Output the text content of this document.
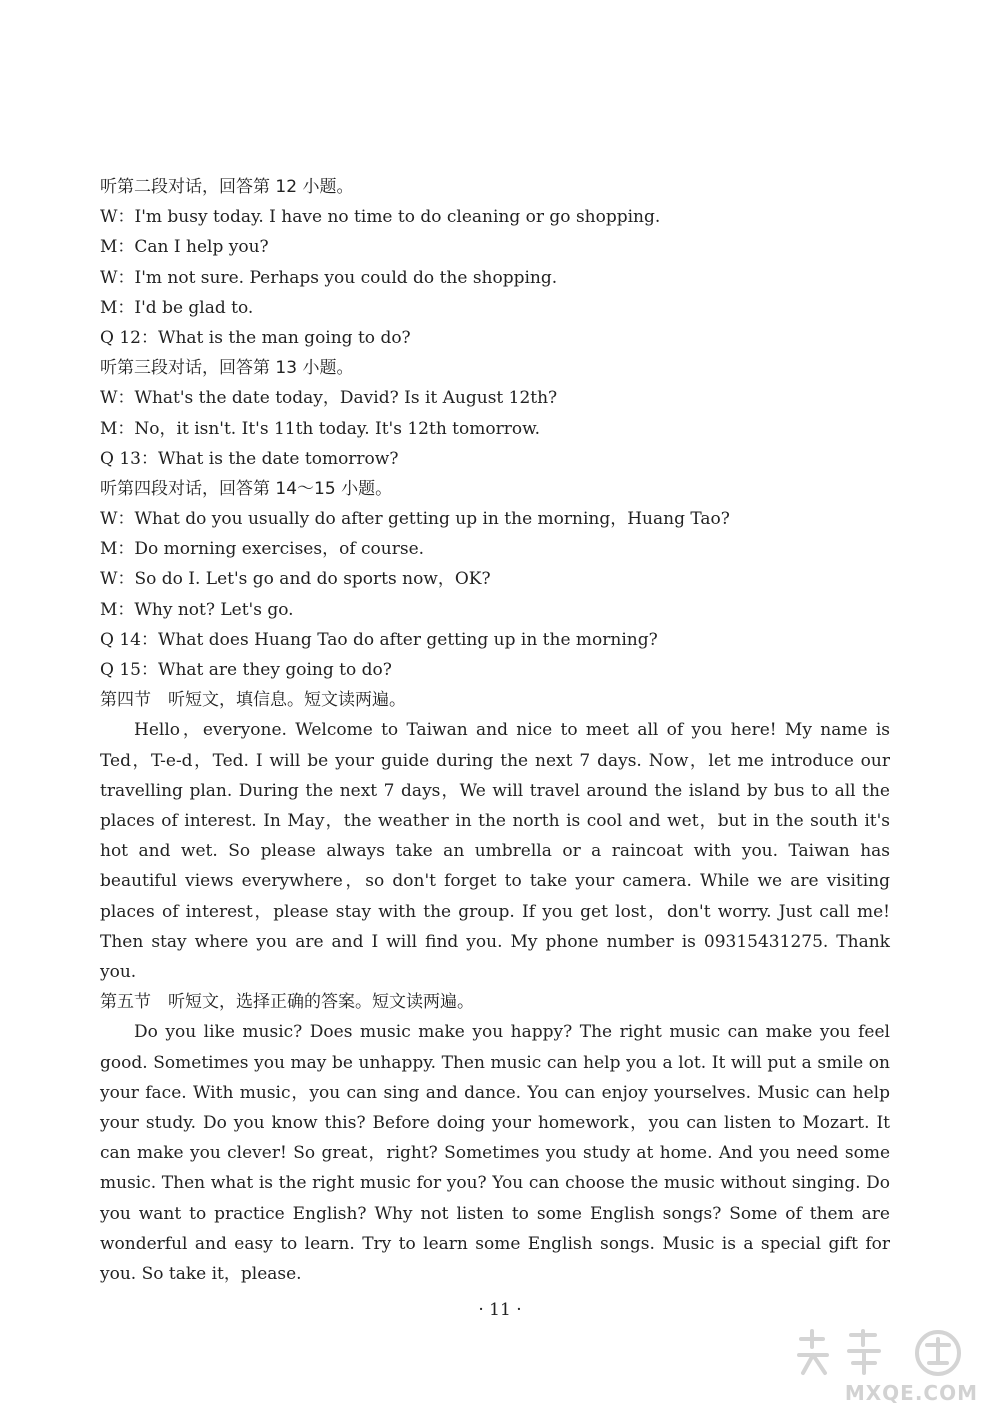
听第二段对话，回答第 12 小题。
W：I'm busy today. I have no time to do cleaning or go shopping.
M：Can I help you?
W：I'm not sure. Perhaps you could do the shopping.
M：I'd be glad to.
Q 12：What is the man going to do?
听第三段对话，回答第 13 小题。
W：What's the date today，David? Is it August 12th?
M：No，it isn't. It's 11th today. It's 12th tomorrow.
Q 13：What is the date tomorrow?
听第四段对话，回答第 14～15 小题。
W：What do you usually do after getting up in the morning，Huang Tao?
M：Do morning exercises，of course.
W：So do I. Let's go and do sports now，OK?
M：Why not? Let's go.
Q 14：What does Huang Tao do after getting up in the morning?
Q 15：What are they going to do?
第四节　听短文，填信息。短文读两遍。

Hello，everyone. Welcome to Taiwan and nice to meet all of you here! My name is Ted，T-e-d，Ted. I will be your guide during the next 7 days. Now，let me introduce our travelling plan. During the next 7 days，We will travel around the island by bus to all the places of interest. In May，the weather in the north is cool and wet，but in the south it's hot and wet. So please always take an umbrella or a raincoat with you. Taiwan has beautiful views everywhere，so don't forget to take your camera. While we are visiting places of interest，please stay with the group. If you get lost，don't worry. Just call me! Then stay where you are and I will find you. My phone number is 09315431275. Thank you.

第五节　听短文，选择正确的答案。短文读两遍。

Do you like music? Does music make you happy? The right music can make you feel good. Sometimes you may be unhappy. Then music can help you a lot. It will put a smile on your face. With music，you can sing and dance. You can enjoy yourselves. Music can help your study. Do you know this? Before doing your homework，you can listen to Mozart. It can make you clever! So great，right? Sometimes you study at home. And you need some music. Then what is the right music for you? You can choose the music without singing. Do you want to practice English? Why not listen to some English songs? Some of them are wonderful and easy to learn. Try to learn some English songs. Music is a special gift for you. So take it，please.

· 11 ·
MXQE.COM
